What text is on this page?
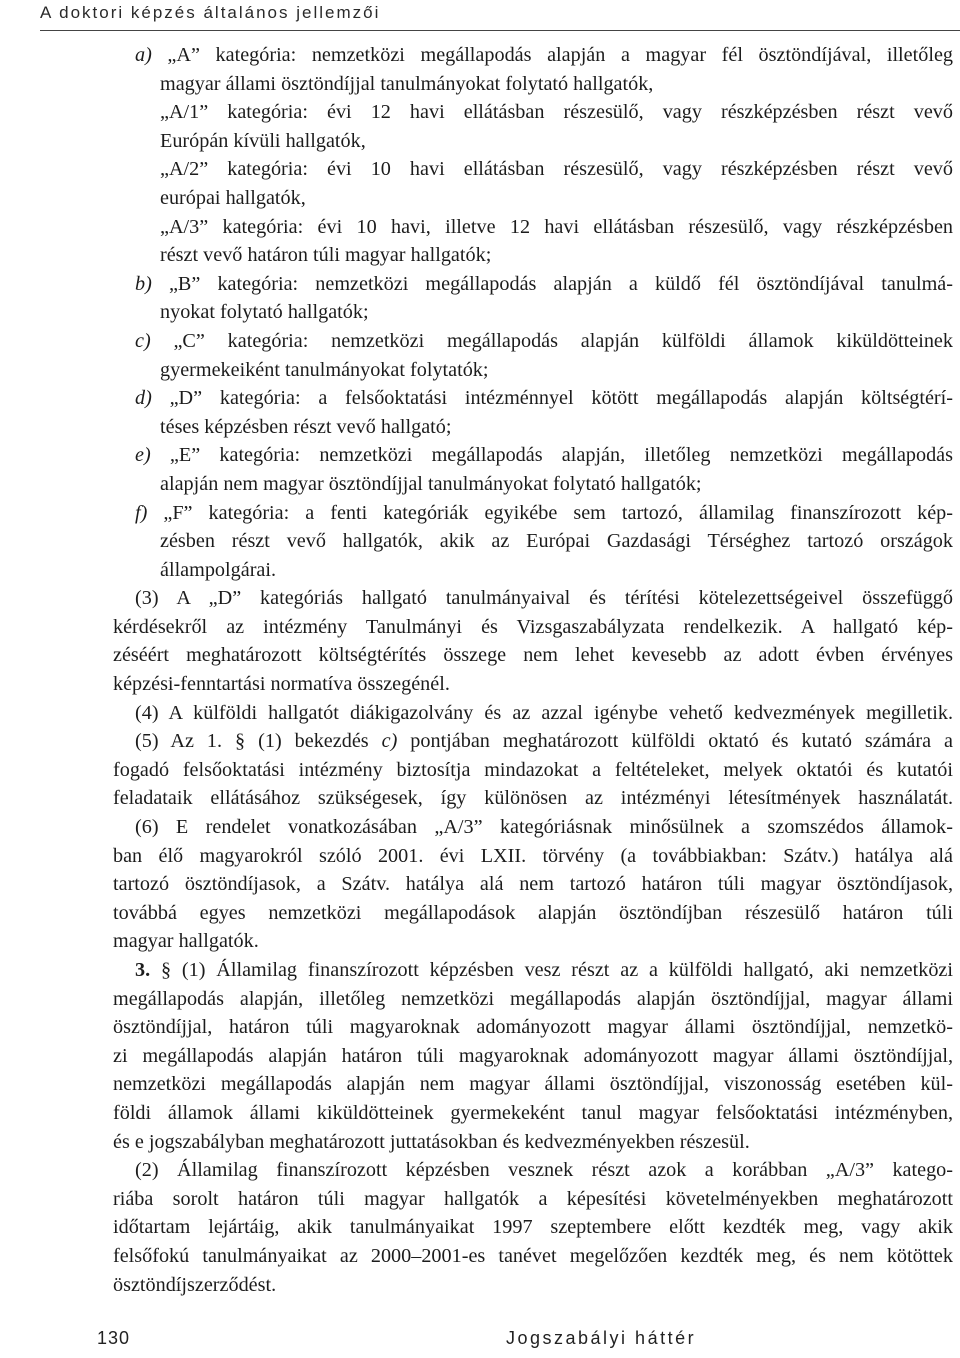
A doktori képzés általános jellemzői
a) „A” kategória: nemzetközi megállapodás alapján a magyar fél ösztöndíjával, illetőleg
magyar állami ösztöndíjjal tanulmányokat folytató hallgatók,
„A/1” kategória: évi 12 havi ellátásban részesülő, vagy részképzésben részt vevő
Európán kívüli hallgatók,
„A/2” kategória: évi 10 havi ellátásban részesülő, vagy részképzésben részt vevő
európai hallgatók,
„A/3” kategória: évi 10 havi, illetve 12 havi ellátásban részesülő, vagy részképzésben
részt vevő határon túli magyar hallgatók;
b) „B” kategória: nemzetközi megállapodás alapján a küldő fél ösztöndíjával tanulmá-
nyokat folytató hallgatók;
c) „C” kategória: nemzetközi megállapodás alapján külföldi államok kiküldötteinek
gyermekeiként tanulmányokat folytatók;
d) „D” kategória: a felsőoktatási intézménnyel kötött megállapodás alapján költségtérí-
téses képzésben részt vevő hallgató;
e) „E” kategória: nemzetközi megállapodás alapján, illetőleg nemzetközi megállapodás
alapján nem magyar ösztöndíjjal tanulmányokat folytató hallgatók;
f) „F” kategória: a fenti kategóriák egyikébe sem tartozó, államilag finanszírozott kép-
zésben részt vevő hallgatók, akik az Európai Gazdasági Térséghez tartozó országok
állampolgárai.
(3) A „D” kategóriás hallgató tanulmányaival és térítési kötelezettségeivel összefüggő
kérdésekről az intézmény Tanulmányi és Vizsgaszabályzata rendelkezik. A hallgató kép-
zéséért meghatározott költségtérítés összege nem lehet kevesebb az adott évben érvényes
képzési-fenntartási normatíva összegénél.
(4) A külföldi hallgatót diákigazolvány és az azzal igénybe vehető kedvezmények megilletik.
(5) Az 1. § (1) bekezdés c) pontjában meghatározott külföldi oktató és kutató számára a
fogadó felsőoktatási intézmény biztosítja mindazokat a feltételeket, melyek oktatói és kutatói
feladataik ellátásához szükségesek, így különösen az intézményi létesítmények használatát.
(6) E rendelet vonatkozásában „A/3” kategóriásnak minősülnek a szomszédos államok-
ban élő magyarokról szóló 2001. évi LXII. törvény (a továbbiakban: Szátv.) hatálya alá
tartozó ösztöndíjasok, a Szátv. hatálya alá nem tartozó határon túli magyar ösztöndíjasok,
továbbá egyes nemzetközi megállapodások alapján ösztöndíjban részesülő határon túli
magyar hallgatók.
3. § (1) Államilag finanszírozott képzésben vesz részt az a külföldi hallgató, aki nemzetközi
megállapodás alapján, illetőleg nemzetközi megállapodás alapján ösztöndíjjal, magyar állami
ösztöndíjjal, határon túli magyaroknak adományozott magyar állami ösztöndíjjal, nemzetkö-
zi megállapodás alapján határon túli magyaroknak adományozott magyar állami ösztöndíjjal,
nemzetközi megállapodás alapján nem magyar állami ösztöndíjjal, viszonosság esetében kül-
földi államok állami kiküldötteinek gyermekeként tanul magyar felsőoktatási intézményben,
és e jogszabályban meghatározott juttatásokban és kedvezményekben részesül.
(2) Államilag finanszírozott képzésben vesznek részt azok a korábban „A/3” katego-
riába sorolt határon túli magyar hallgatók a képesítési követelményekben meghatározott
időtartam lejártáig, akik tanulmányaikat 1997 szeptembere előtt kezdték meg, vagy akik
felsőfokú tanulmányaikat az 2000–2001-es tanévet megelőzően kezdték meg, és nem kötöttek
ösztöndíjszerződést.
130	Jogszabályi háttér
